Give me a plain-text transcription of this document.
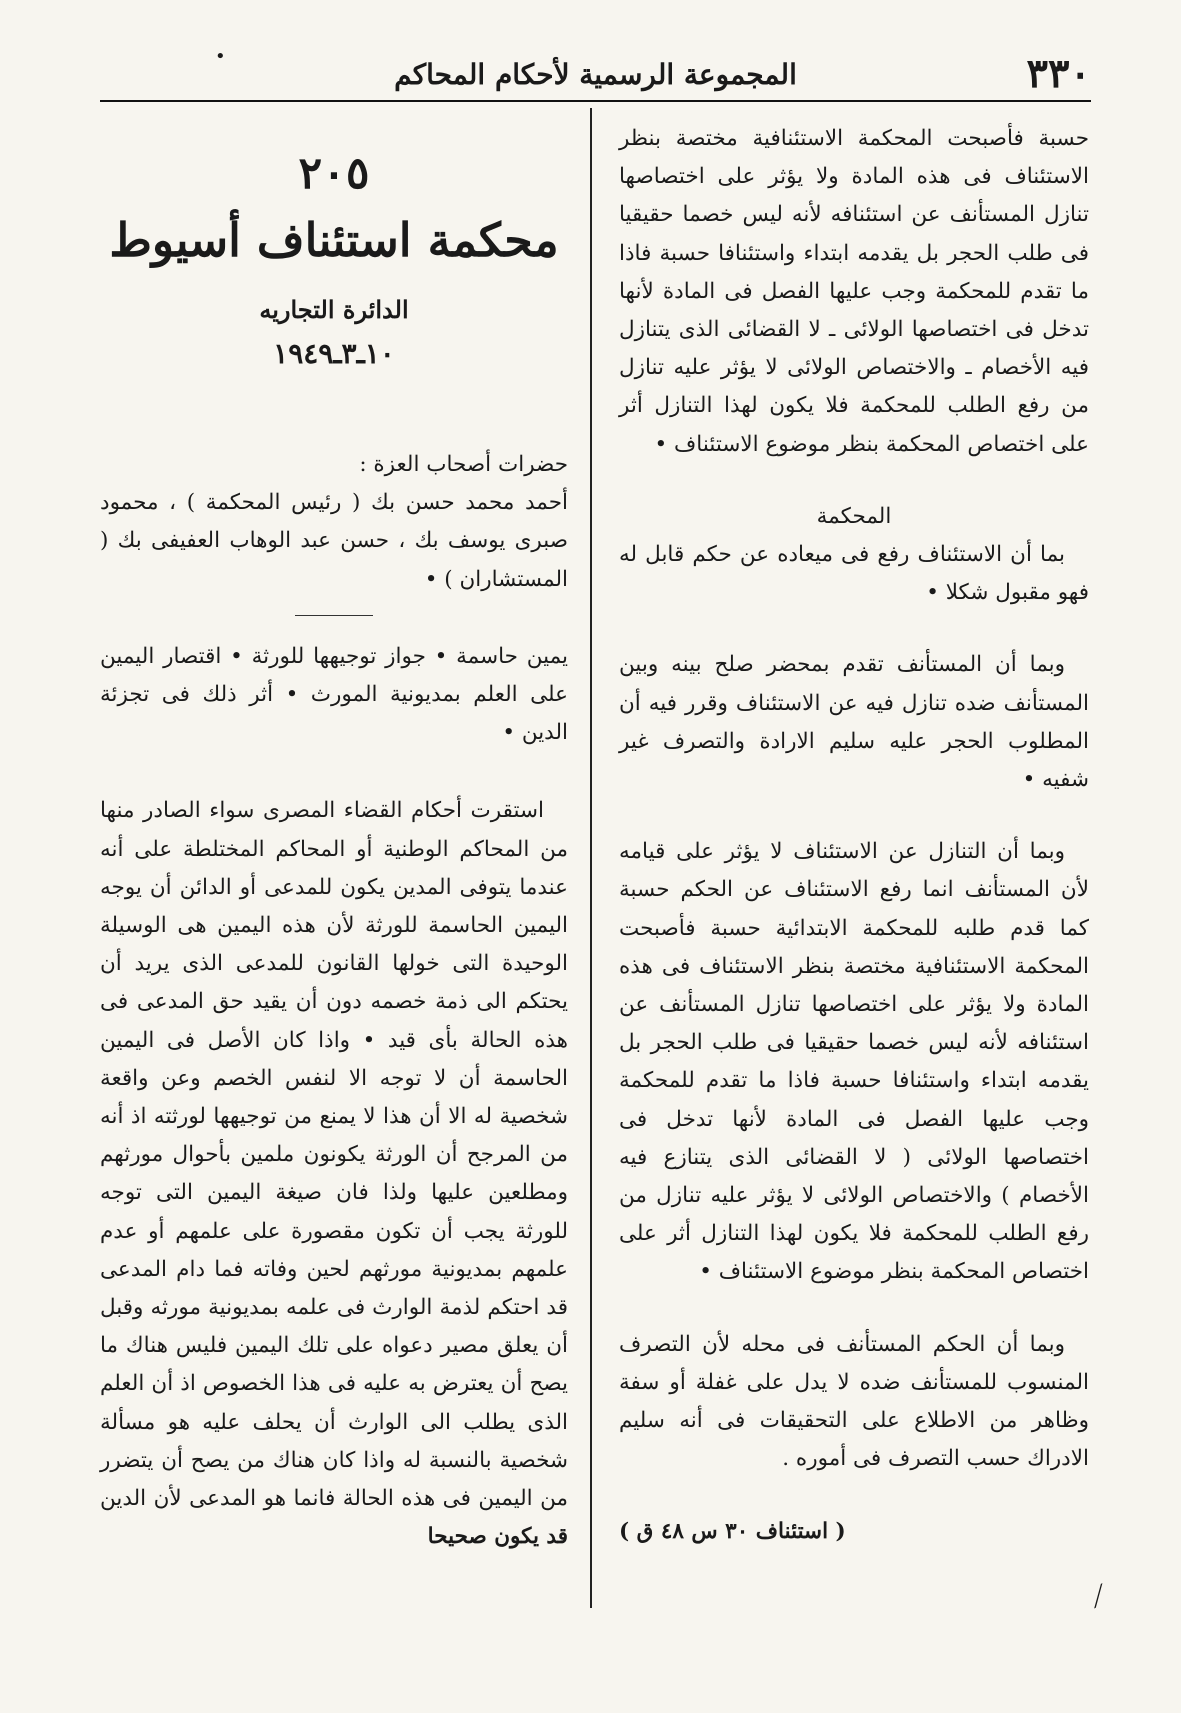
٣٣٠
المجموعة الرسمية لأحكام المحاكم
•

حسبة فأصبحت المحكمة الاستئنافية مختصة بنظر الاستئناف فى هذه المادة ولا يؤثر على اختصاصها تنازل المستأنف عن استئنافه لأنه ليس خصما حقيقيا فى طلب الحجر بل يقدمه ابتداء واستئنافا حسبة فاذا ما تقدم للمحكمة وجب عليها الفصل فى المادة لأنها تدخل فى اختصاصها الولائى ـ لا القضائى الذى يتنازل فيه الأخصام ـ والاختصاص الولائى لا يؤثر عليه تنازل من رفع الطلب للمحكمة فلا يكون لهذا التنازل أثر على اختصاص المحكمة بنظر موضوع الاستئناف •

المحكمة

بما أن الاستئناف رفع فى ميعاده عن حكم قابل له فهو مقبول شكلا •

وبما أن المستأنف تقدم بمحضر صلح بينه وبين المستأنف ضده تنازل فيه عن الاستئناف وقرر فيه أن المطلوب الحجر عليه سليم الارادة والتصرف غير شفيه •

وبما أن التنازل عن الاستئناف لا يؤثر على قيامه لأن المستأنف انما رفع الاستئناف عن الحكم حسبة كما قدم طلبه للمحكمة الابتدائية حسبة فأصبحت المحكمة الاستئنافية مختصة بنظر الاستئناف فى هذه المادة ولا يؤثر على اختصاصها تنازل المستأنف عن استئنافه لأنه ليس خصما حقيقيا فى طلب الحجر بل يقدمه ابتداء واستئنافا حسبة فاذا ما تقدم للمحكمة وجب عليها الفصل فى المادة لأنها تدخل فى اختصاصها الولائى ( لا القضائى الذى يتنازع فيه الأخصام ) والاختصاص الولائى لا يؤثر عليه تنازل من رفع الطلب للمحكمة فلا يكون لهذا التنازل أثر على اختصاص المحكمة بنظر موضوع الاستئناف •

وبما أن الحكم المستأنف فى محله لأن التصرف المنسوب للمستأنف ضده لا يدل على غفلة أو سفة وظاهر من الاطلاع على التحقيقات فى أنه سليم الادراك حسب التصرف فى أموره .

( استئناف ٣٠ س ٤٨ ق )

٢٠٥

محكمة استئناف أسيوط

الدائرة التجاريه

١٠ـ٣ـ١٩٤٩

حضرات أصحاب العزة :

أحمد محمد حسن بك ( رئيس المحكمة ) ، محمود صبرى يوسف بك ، حسن عبد الوهاب العفيفى بك ( المستشاران ) •

يمين حاسمة • جواز توجيهها للورثة • اقتصار اليمين على العلم بمديونية المورث • أثر ذلك فى تجزئة الدين •

استقرت أحكام القضاء المصرى سواء الصادر منها من المحاكم الوطنية أو المحاكم المختلطة على أنه عندما يتوفى المدين يكون للمدعى أو الدائن أن يوجه اليمين الحاسمة للورثة لأن هذه اليمين هى الوسيلة الوحيدة التى خولها القانون للمدعى الذى يريد أن يحتكم الى ذمة خصمه دون أن يقيد حق المدعى فى هذه الحالة بأى قيد • واذا كان الأصل فى اليمين الحاسمة أن لا توجه الا لنفس الخصم وعن واقعة شخصية له الا أن هذا لا يمنع من توجيهها لورثته اذ أنه من المرجح أن الورثة يكونون ملمين بأحوال مورثهم ومطلعين عليها ولذا فان صيغة اليمين التى توجه للورثة يجب أن تكون مقصورة على علمهم أو عدم علمهم بمديونية مورثهم لحين وفاته فما دام المدعى قد احتكم لذمة الوارث فى علمه بمديونية مورثه وقبل أن يعلق مصير دعواه على تلك اليمين فليس هناك ما يصح أن يعترض به عليه فى هذا الخصوص اذ أن العلم الذى يطلب الى الوارث أن يحلف عليه هو مسألة شخصية بالنسبة له واذا كان هناك من يصح أن يتضرر من اليمين فى هذه الحالة فانما هو المدعى لأن الدين قد يكون صحيحا

⟋
